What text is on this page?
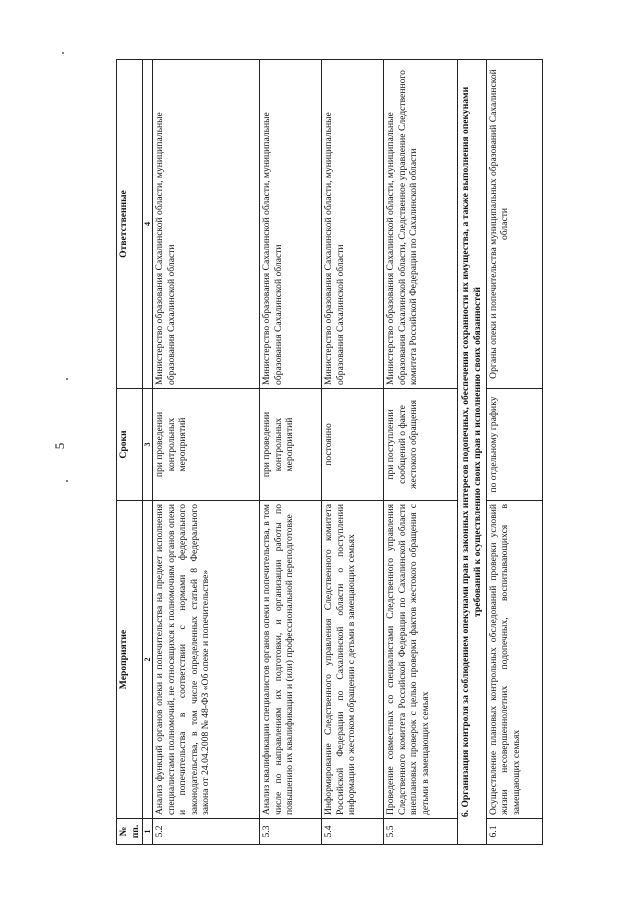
5
№ пп.	Мероприятие	Сроки	Ответственные
1	2	3	4
5.2	Анализ функций органов опеки и попечительства на предмет исполнения специалистами полномочий, не относящихся к полномочиям органов опеки и попечительства в соответствии с нормами федерального законодательства, в том числе определенных статьей 8 Федерального закона от 24.04.2008 № 48-ФЗ «Об опеке и попечительстве»	при проведении контрольных мероприятий	Министерство образования Сахалинской области, муниципальные образования Сахалинской области
5.3	Анализ квалификации специалистов органов опеки и попечительства, в том числе по направлениям их подготовки, и организации работы по повышению их квалификации и (или) профессиональной переподготовке	при проведении контрольных мероприятий	Министерство образования Сахалинской области, муниципальные образования Сахалинской области
5.4	Информирование Следственного управления Следственного комитета Российской Федерации по Сахалинской области о поступлении информации о жестоком обращении с детьми в замещающих семьях	постоянно	Министерство образования Сахалинской области, муниципальные образования Сахалинской области
5.5	Проведение совместных со специалистами Следственного управления Следственного комитета Российской Федерации по Сахалинской области внеплановых проверок с целью проверки фактов жестокого обращения с детьми в замещающих семьях	при поступлении сообщений о факте жестокого обращения	Министерство образования Сахалинской области, муниципальные образования Сахалинской области, Следственное управление Следственного комитета Российской Федерации по Сахалинской области
6. Организация контроля за соблюдением опекунами прав и законных интересов подопечных, обеспечения сохранности их имущества, а также выполнения опекунами требований к осуществлению своих прав и исполнению своих обязанностей			
6.1	Осуществление плановых контрольных обследований проверки условий жизни несовершеннолетних подопечных, воспитывающихся в замещающих семьях	по отдельному графику	Органы опеки и попечительства муниципальных образований Сахалинской области
